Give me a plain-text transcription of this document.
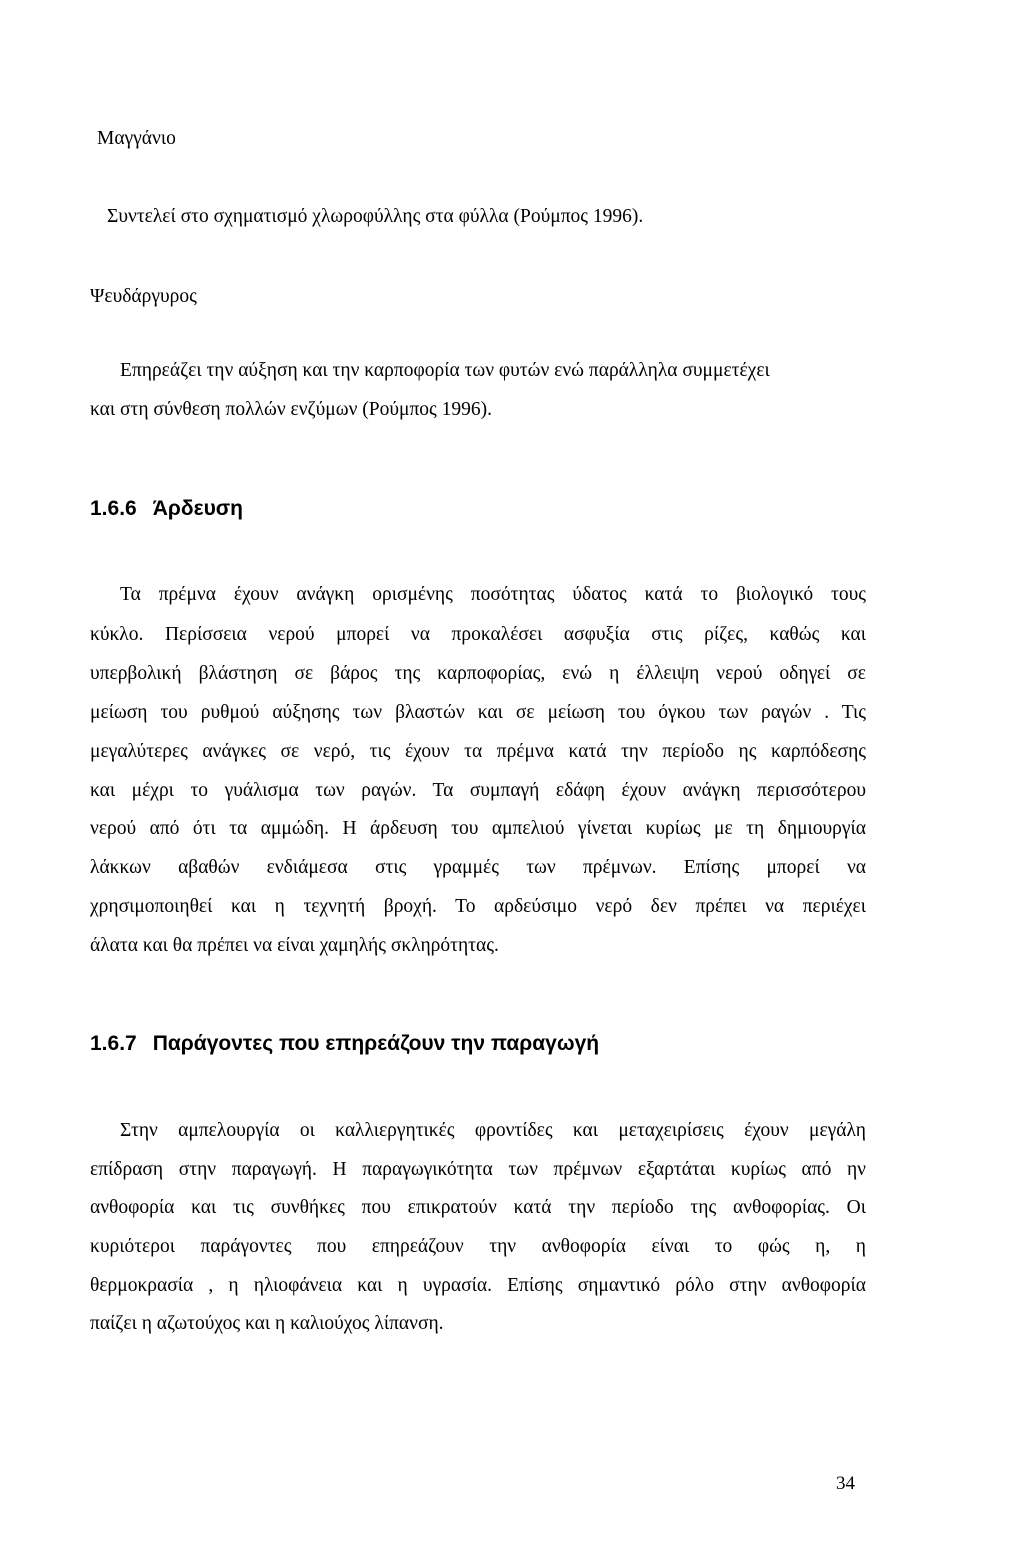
Μαγγάνιο

Συντελεί στο σχηματισμό χλωροφύλλης στα φύλλα (Ρούμπος 1996).

Ψευδάργυρος

Επηρεάζει την αύξηση και την καρποφορία των φυτών ενώ παράλληλα συμμετέχει

και στη σύνθεση πολλών ενζύμων (Ρούμπος 1996).

1.6.6 Άρδευση

Τα πρέμνα έχουν ανάγκη ορισμένης ποσότητας ύδατος κατά το βιολογικό τους

κύκλο. Περίσσεια νερού μπορεί να προκαλέσει ασφυξία στις ρίζες, καθώς και

υπερβολική βλάστηση σε βάρος της καρποφορίας, ενώ η έλλειψη νερού οδηγεί σε

μείωση του ρυθμού αύξησης των βλαστών και σε μείωση του όγκου των ραγών . Τις

μεγαλύτερες ανάγκες σε νερό, τις έχουν τα πρέμνα κατά την περίοδο ης καρπόδεσης

και μέχρι το γυάλισμα των ραγών. Τα συμπαγή εδάφη έχουν ανάγκη περισσότερου

νερού από ότι τα αμμώδη. Η άρδευση του αμπελιού γίνεται κυρίως με τη δημιουργία

λάκκων αβαθών ενδιάμεσα στις γραμμές των πρέμνων. Επίσης μπορεί να

χρησιμοποιηθεί και η τεχνητή βροχή. Το αρδεύσιμο νερό δεν πρέπει να περιέχει

άλατα και θα πρέπει να είναι χαμηλής σκληρότητας.

1.6.7 Παράγοντες που επηρεάζουν την παραγωγή

Στην αμπελουργία οι καλλιεργητικές φροντίδες και μεταχειρίσεις έχουν μεγάλη

επίδραση στην παραγωγή. Η παραγωγικότητα των πρέμνων εξαρτάται κυρίως από ην

ανθοφορία και τις συνθήκες που επικρατούν κατά την περίοδο της ανθοφορίας. Οι

κυριότεροι παράγοντες που επηρεάζουν την ανθοφορία είναι το φώς η, η

θερμοκρασία , η ηλιοφάνεια και η υγρασία. Επίσης σημαντικό ρόλο στην ανθοφορία

παίζει η αζωτούχος και η καλιούχος λίπανση.

34
